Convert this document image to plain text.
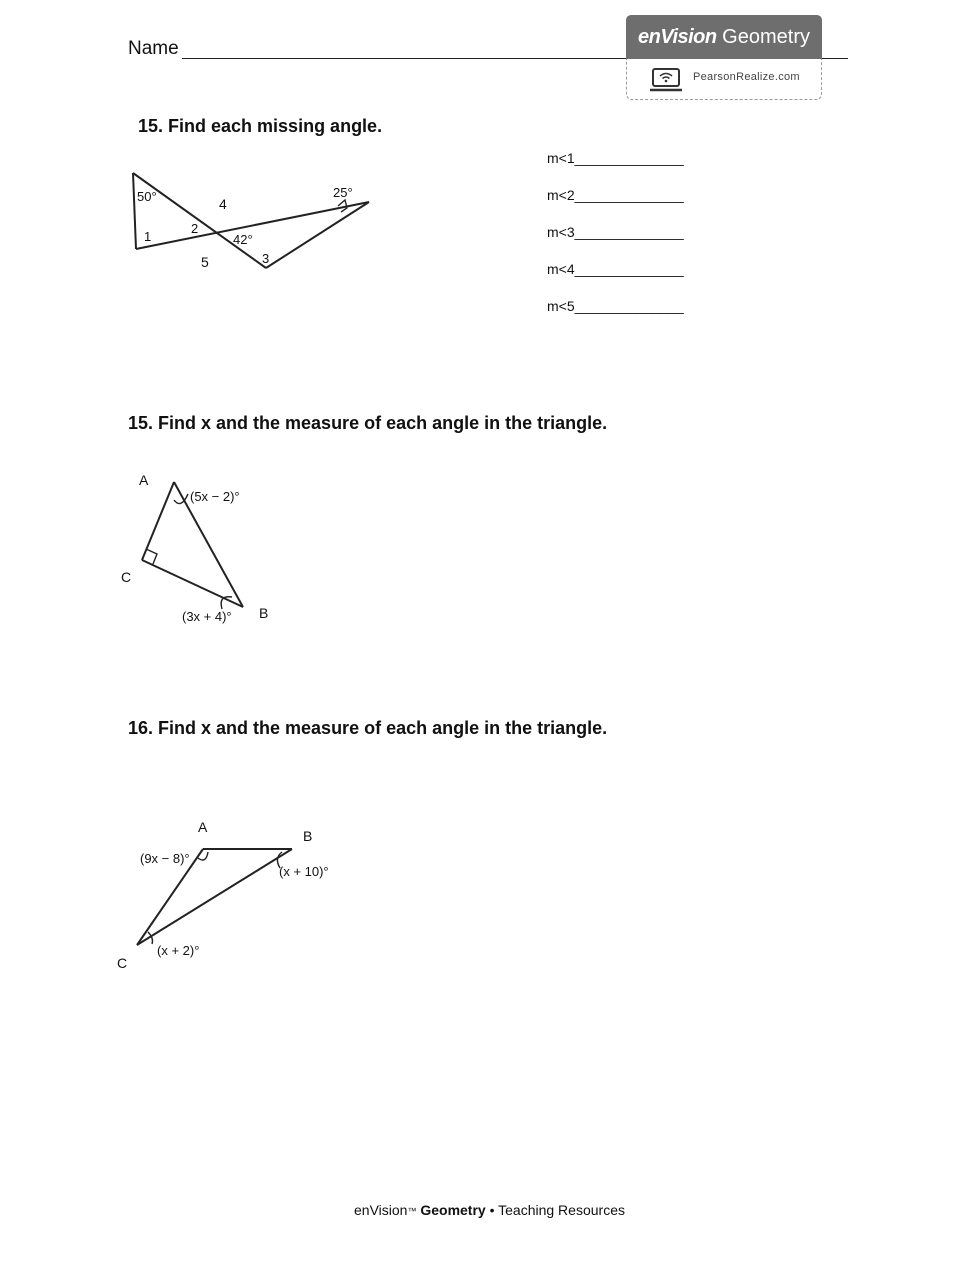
Name
enVision Geometry
PearsonRealize.com
15. Find each missing angle.
50°	25°
42°
1
2
3
4
5
m<1______________
m<2______________
m<3______________
m<4______________
m<5______________
15. Find x and the measure of each angle in the triangle.
A
C
B
(5x − 2)°
(3x + 4)°
16. Find x and the measure of each angle in the triangle.
A
B
C
(9x − 8)°
(x + 10)°
(x + 2)°
enVision™ Geometry • Teaching Resources
